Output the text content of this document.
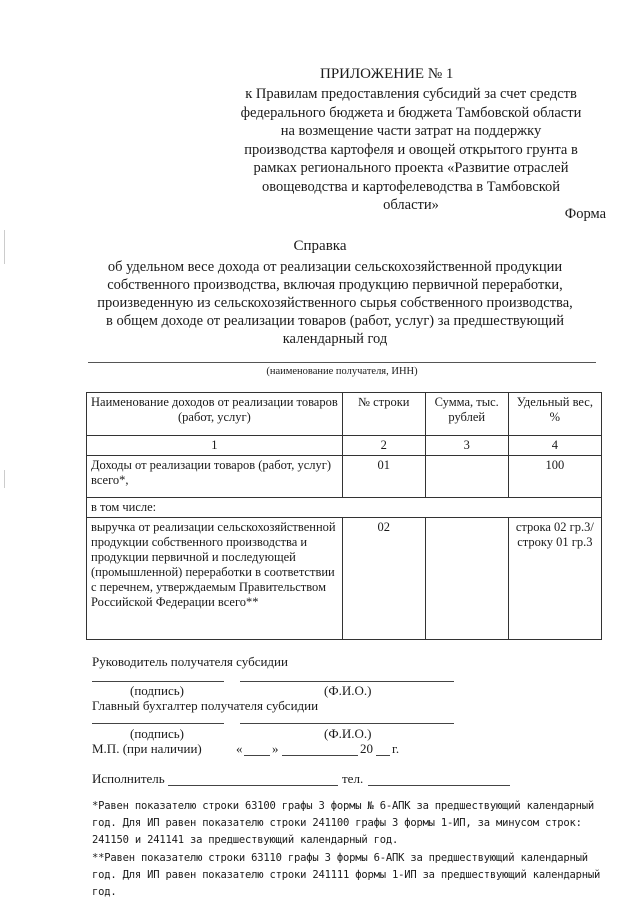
ПРИЛОЖЕНИЕ № 1
к Правилам предоставления субсидий за счет средств
федерального бюджета и бюджета Тамбовской области
на возмещение части затрат на поддержку
производства картофеля и овощей открытого грунта в
рамках регионального проекта «Развитие отраслей
овощеводства и картофелеводства в Тамбовской
области»
Форма
Справка
об удельном весе дохода от реализации сельскохозяйственной продукции
собственного производства, включая продукцию первичной переработки,
произведенную из сельскохозяйственного сырья собственного производства,
в общем доходе от реализации товаров (работ, услуг) за предшествующий
календарный год
(наименование получателя, ИНН)
Наименование доходов от реализации товаров (работ, услуг)	№ строки	Сумма, тыс. рублей	Удельный вес, %
1	2	3	4
Доходы от реализации товаров (работ, услуг) всего*,	01		100
в том числе:			
выручка от реализации сельскохозяйственной продукции собственного производства и продукции первичной и последующей (промышленной) переработки в соответствии с перечнем, утверждаемым Правительством Российской Федерации всего**	02		строка 02 гр.3/ строку 01 гр.3
Руководитель получателя субсидии
(подпись)	(Ф.И.О.)
Главный бухгалтер получателя субсидии
(подпись)	(Ф.И.О.)
М.П. (при наличии)	« »	20 г.
Исполнитель	тел.
*Равен показателю строки 63100 графы 3 формы № 6-АПК за предшествующий календарный год. Для ИП равен показателю строки 241100 графы 3 формы 1-ИП, за минусом строк: 241150 и 241141 за предшествующий календарный год.
**Равен показателю строки 63110 графы 3 формы 6-АПК за предшествующий календарный год. Для ИП равен показателю строки 241111 формы 1-ИП за предшествующий календарный год.
